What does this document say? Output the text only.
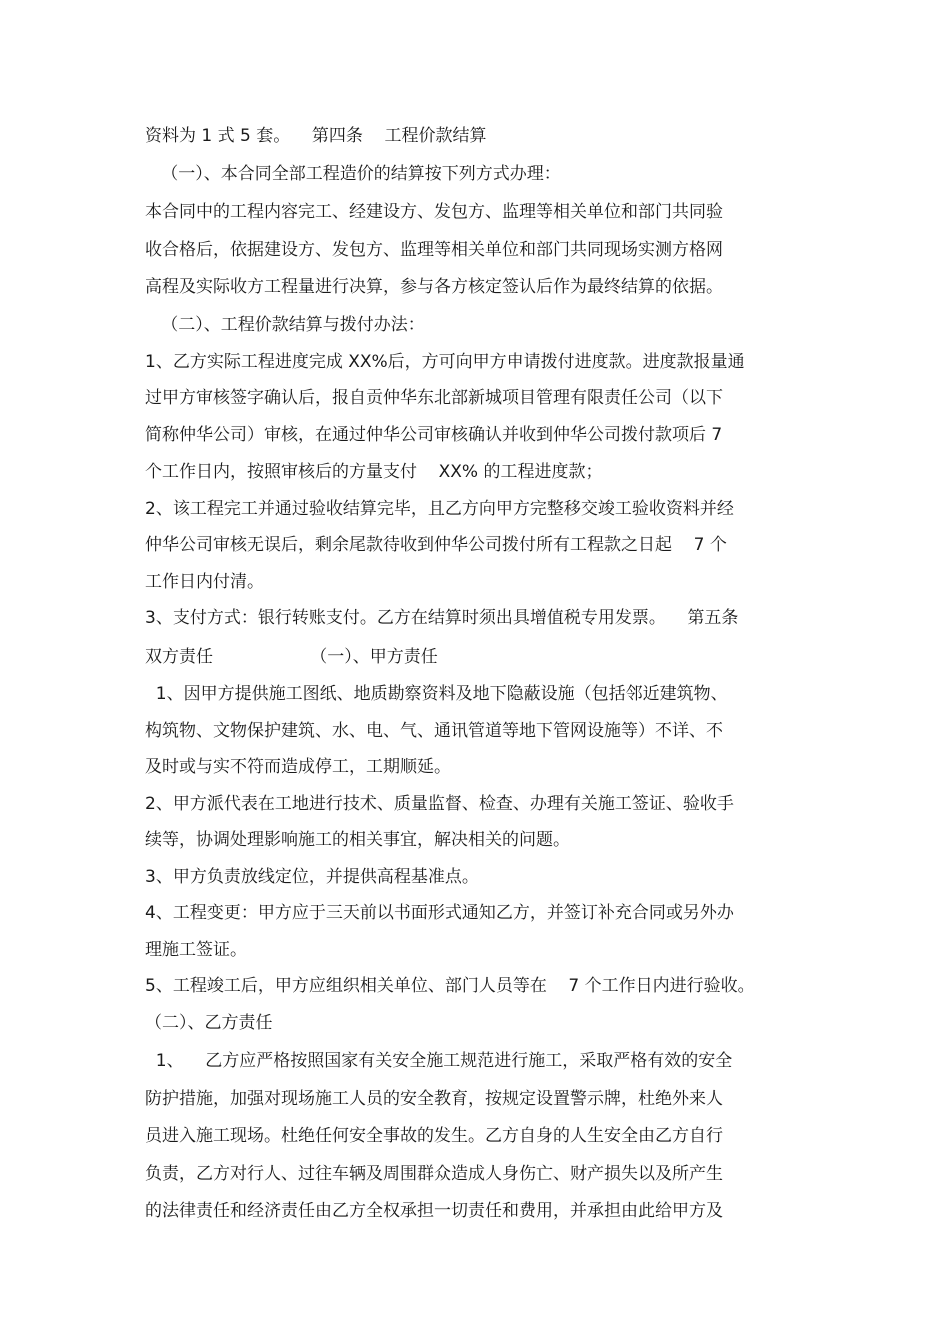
资料为 1 式 5 套。    第四条    工程价款结算
（一）、本合同全部工程造价的结算按下列方式办理：
本合同中的工程内容完工、经建设方、发包方、监理等相关单位和部门共同验
收合格后，依据建设方、发包方、监理等相关单位和部门共同现场实测方格网
高程及实际收方工程量进行决算，参与各方核定签认后作为最终结算的依据。
（二）、工程价款结算与拨付办法：
1、乙方实际工程进度完成 XX%后，方可向甲方申请拨付进度款。进度款报量通
过甲方审核签字确认后，报自贡仲华东北部新城项目管理有限责任公司（以下
简称仲华公司）审核，在通过仲华公司审核确认并收到仲华公司拨付款项后 7
个工作日内，按照审核后的方量支付    XX% 的工程进度款；
2、该工程完工并通过验收结算完毕，且乙方向甲方完整移交竣工验收资料并经
仲华公司审核无误后，剩余尾款待收到仲华公司拨付所有工程款之日起    7 个
工作日内付清。
3、支付方式：银行转账支付。乙方在结算时须出具增值税专用发票。    第五条
双方责任                  （一）、甲方责任
1、因甲方提供施工图纸、地质勘察资料及地下隐蔽设施（包括邻近建筑物、
构筑物、文物保护建筑、水、电、气、通讯管道等地下管网设施等）不详、不
及时或与实不符而造成停工，工期顺延。
2、甲方派代表在工地进行技术、质量监督、检查、办理有关施工签证、验收手
续等，协调处理影响施工的相关事宜，解决相关的问题。
3、甲方负责放线定位，并提供高程基准点。
4、工程变更：甲方应于三天前以书面形式通知乙方，并签订补充合同或另外办
理施工签证。
5、工程竣工后，甲方应组织相关单位、部门人员等在    7 个工作日内进行验收。
（二）、乙方责任
1、    乙方应严格按照国家有关安全施工规范进行施工，采取严格有效的安全
防护措施，加强对现场施工人员的安全教育，按规定设置警示牌，杜绝外来人
员进入施工现场。杜绝任何安全事故的发生。乙方自身的人生安全由乙方自行
负责，乙方对行人、过往车辆及周围群众造成人身伤亡、财产损失以及所产生
的法律责任和经济责任由乙方全权承担一切责任和费用，并承担由此给甲方及
